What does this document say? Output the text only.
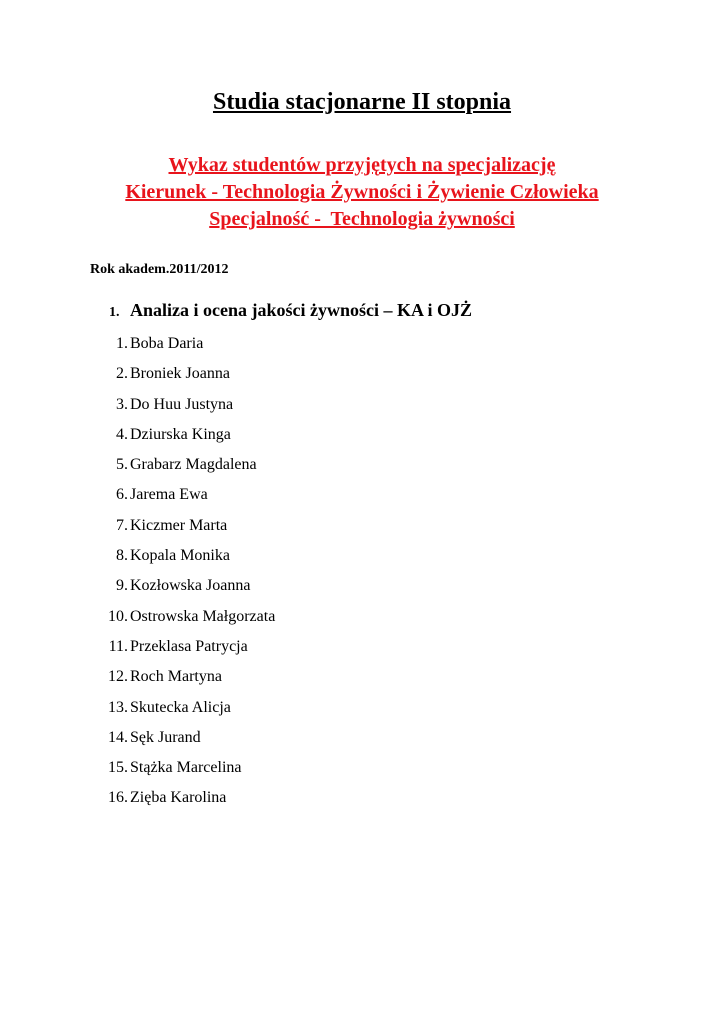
Studia stacjonarne II stopnia
Wykaz studentów przyjętych na specjalizację
Kierunek - Technologia Żywności i Żywienie Człowieka
Specjalność -  Technologia żywności
Rok akadem.2011/2012
1. Analiza i ocena jakości żywności – KA i OJŻ
1. Boba Daria
2. Broniek Joanna
3. Do Huu Justyna
4. Dziurska Kinga
5. Grabarz Magdalena
6. Jarema Ewa
7. Kiczmer Marta
8. Kopala Monika
9. Kozłowska Joanna
10. Ostrowska Małgorzata
11. Przeklasa Patrycja
12. Roch Martyna
13. Skutecka Alicja
14. Sęk Jurand
15. Stążka Marcelina
16. Zięba Karolina
